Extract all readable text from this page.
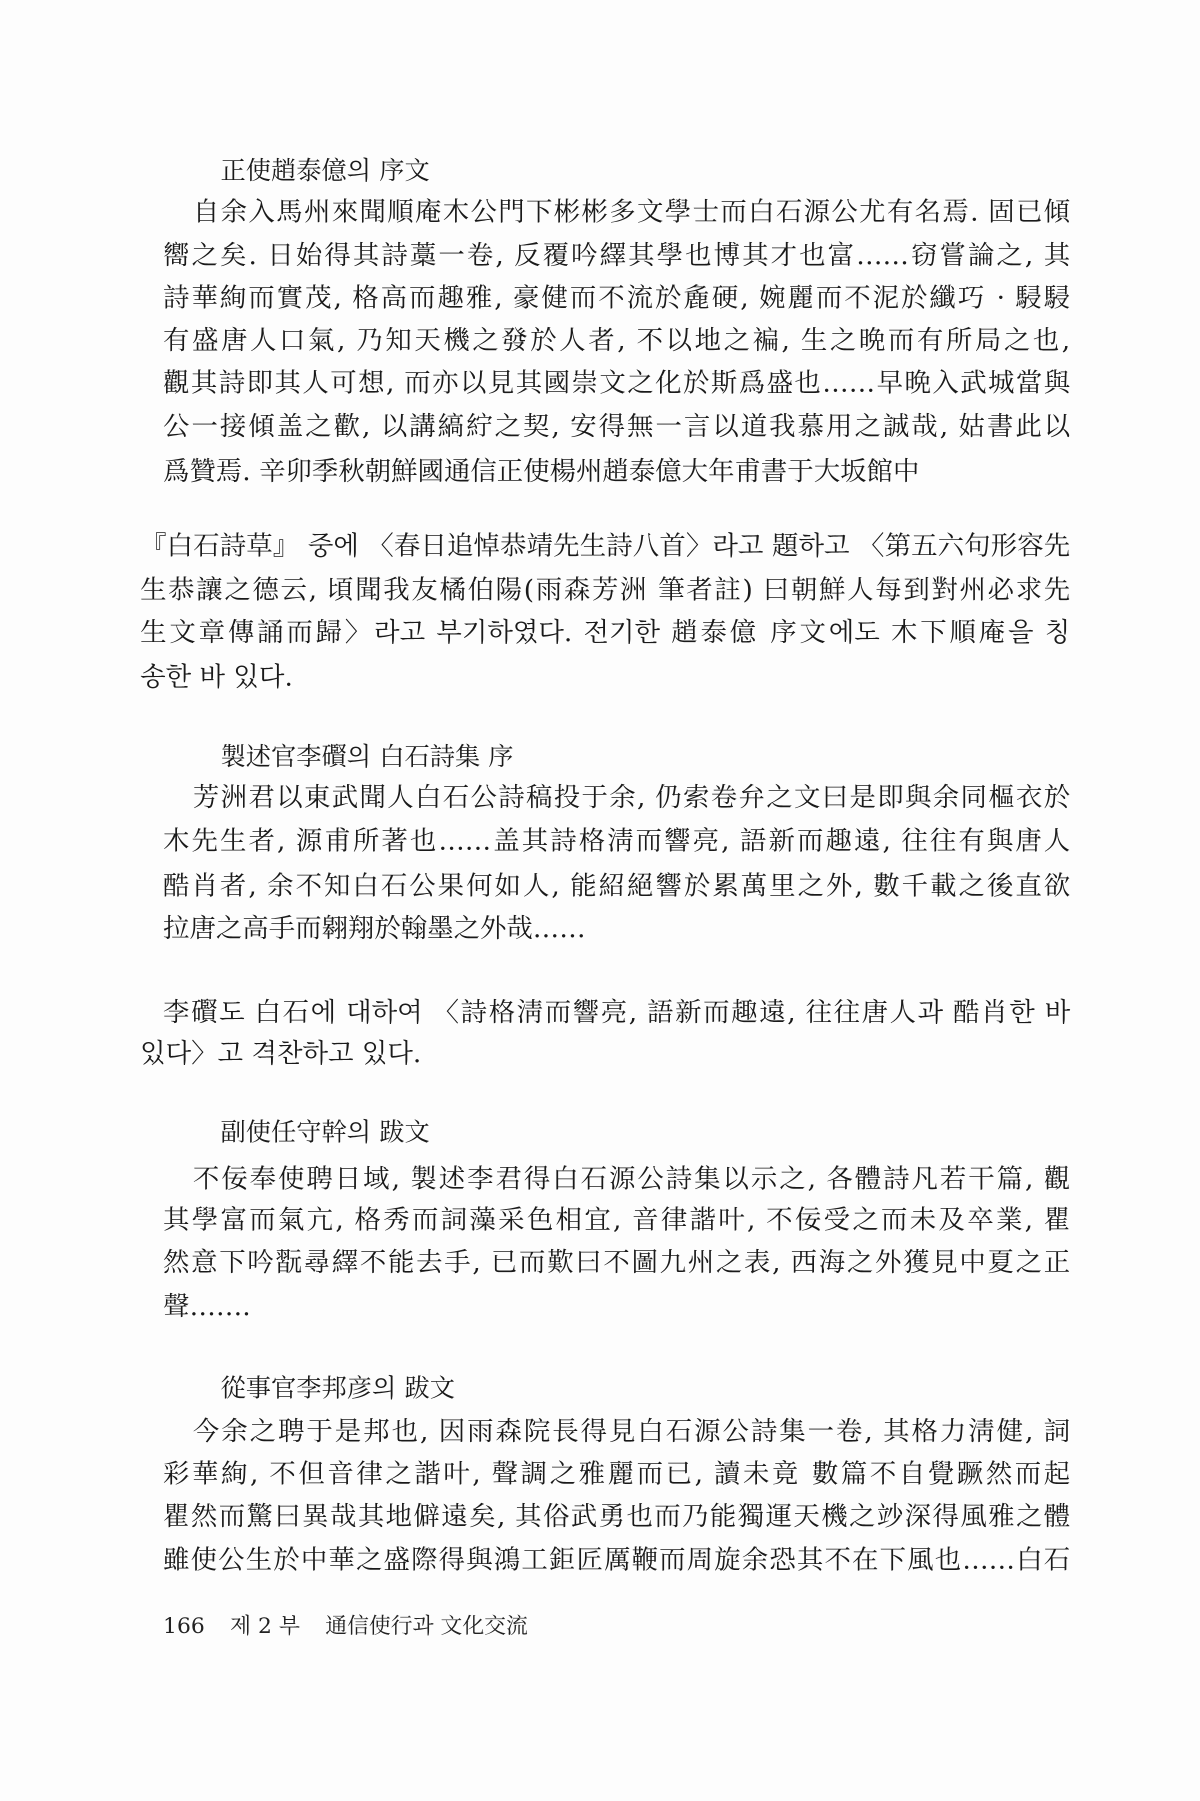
166 제 2 부 通信使行과 文化交流
正使趙泰億의 序文
自余入馬州來聞順庵木公門下彬彬多文學士而白石源公尤有名焉. 固已傾
嚮之矣. 日始得其詩藁一卷, 反覆吟繹其學也博其才也富……窃嘗論之, 其
詩華絢而實茂, 格高而趣雅, 豪健而不流於麁硬, 婉麗而不泥於纖巧 · 駸駸
有盛唐人口氣, 乃知天機之發於人者, 不以地之褊, 生之晩而有所局之也,
觀其詩即其人可想, 而亦以見其國崇文之化於斯爲盛也……早晩入武城當與
公一接傾盖之歡, 以講縞紵之契, 安得無一言以道我慕用之誠哉, 姑書此以
爲贊焉. 辛卯季秋朝鮮國通信正使楊州趙泰億大年甫書于大坂館中
『白石詩草』 중에 〈春日追悼恭靖先生詩八首〉라고 題하고 〈第五六句形容先
生恭讓之德云, 頃聞我友橘伯陽(雨森芳洲 筆者註) 曰朝鮮人每到對州必求先
生文章傳誦而歸〉라고 부기하였다. 전기한 趙泰億 序文에도 木下順庵을 칭
송한 바 있다.
製述官李礥의 白石詩集 序
芳洲君以東武聞人白石公詩稿投于余, 仍索卷弁之文曰是即與余同樞衣於
木先生者, 源甫所著也……盖其詩格淸而響亮, 語新而趣遠, 往往有與唐人
酷肖者, 余不知白石公果何如人, 能紹絕響於累萬里之外, 數千載之後直欲
拉唐之高手而翱翔於翰墨之外哉……
李礥도 白石에 대하여 〈詩格淸而響亮, 語新而趣遠, 往往唐人과 酷肖한 바
있다〉고 격찬하고 있다.
副使任守幹의 跋文
不佞奉使聘日域, 製述李君得白石源公詩集以示之, 各體詩凡若干篇, 觀
其學富而氣亢, 格秀而詞藻采色相宜, 音律諧叶, 不佞受之而未及卒業, 瞿
然意下吟翫尋繹不能去手, 已而歎曰不圖九州之表, 西海之外獲見中夏之正
聲…….
從事官李邦彦의 跋文
今余之聘于是邦也, 因雨森院長得見白石源公詩集一卷, 其格力淸健, 詞
彩華絢, 不但音律之諧叶, 聲調之雅麗而已, 讀未竟 數篇不自覺蹶然而起
瞿然而驚曰異哉其地僻遠矣, 其俗武勇也而乃能獨運天機之竗深得風雅之體
雖使公生於中華之盛際得與鴻工鉅匠厲鞭而周旋余恐其不在下風也……白石
